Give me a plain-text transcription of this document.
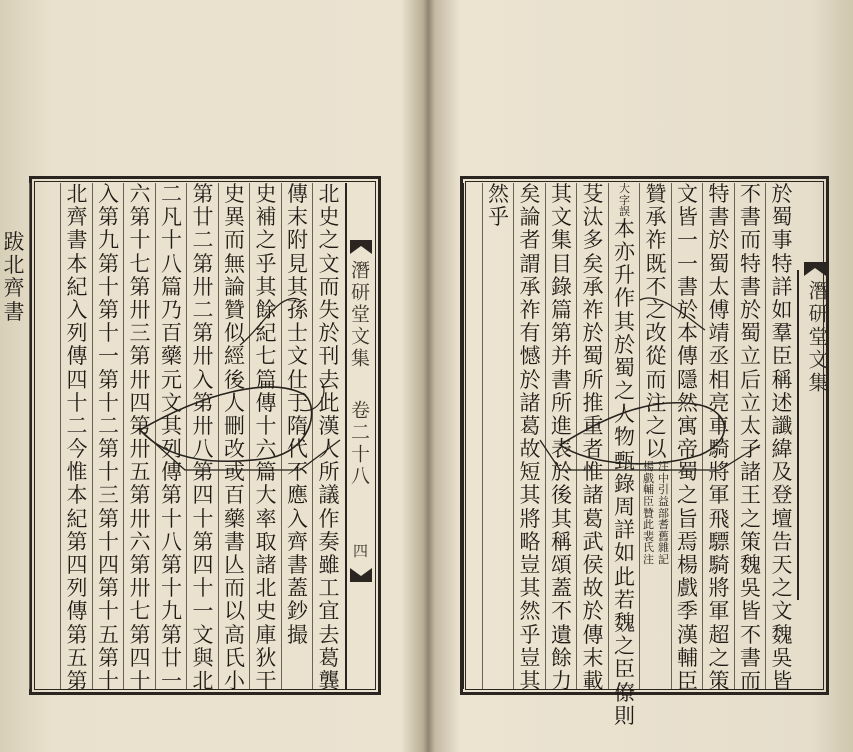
潛研堂文集
卷二十八
四
北
史
之
文
而
失
於
刊
去
此
漢
人
所
議
作
奏
雖
工
宜
去
葛
龔
傳
末
附
見
其
孫
士
文
仕
于
隋
代
不
應
入
齊
書
蓋
鈔
撮
史
補
之
乎
其
餘
紀
七
篇
傳
十
六
篇
大
率
取
諸
北
史
庫
狄
干
史
異
而
無
論
贊
似
經
後
人
刪
改
或
百
藥
書
亾
而
以
高
氏
小
第
廿
二
第
卅
二
第
卅
入
第
卅
八
第
四
十
第
四
十
一
文
與
北
二
凡
十
八
篇
乃
百
藥
元
文
其
列
傳
第
十
八
第
十
九
第
廿
一
六
第
十
七
第
卅
三
第
卅
四
第
卅
五
第
卅
六
第
卅
七
第
四
十
入
第
九
第
十
第
十
一
第
十
二
第
十
三
第
十
四
第
十
五
第
十
北
齊
書
本
紀
入
列
傳
四
十
二
今
惟
本
紀
第
四
列
傳
第
五
第
跋
北
齊
書	潛研堂文集
於
蜀
事
特
詳
如
羣
臣
稱
述
讖
緯
及
登
壇
告
天
之
文
魏
吳
皆
不
書
而
特
書
於
蜀
立
后
立
太
子
諸
王
之
策
魏
吳
皆
不
書
而
特
書
於
蜀
太
傅
靖
丞
相
亮
車
騎
將
軍
飛
驃
騎
將
軍
超
之
策
文
皆
一
一
書
於
本
傳
隱
然
寓
帝
蜀
之
旨
焉
楊
戲
季
漢
輔
臣
贊
承
祚
既
不
之
改
從
而
注
之
以
楊 注
戲 中
輔 引
臣 益
贊 部
此 耆
裴 舊
氏 雜
注 記
大
字
誤
本
亦
升
作
其
於
蜀
之
人
物
甄
錄
周
詳
如
此
若
魏
之
臣
僚
則
芟
汰
多
矣
承
祚
於
蜀
所
推
重
者
惟
諸
葛
武
侯
故
於
傳
末
載
其
文
集
目
錄
篇
第
并
書
所
進
表
於
後
其
稱
頌
蓋
不
遺
餘
力
矣
論
者
謂
承
祚
有
憾
於
諸
葛
故
短
其
將
略
豈
其
然
乎
豈
其
然
乎
